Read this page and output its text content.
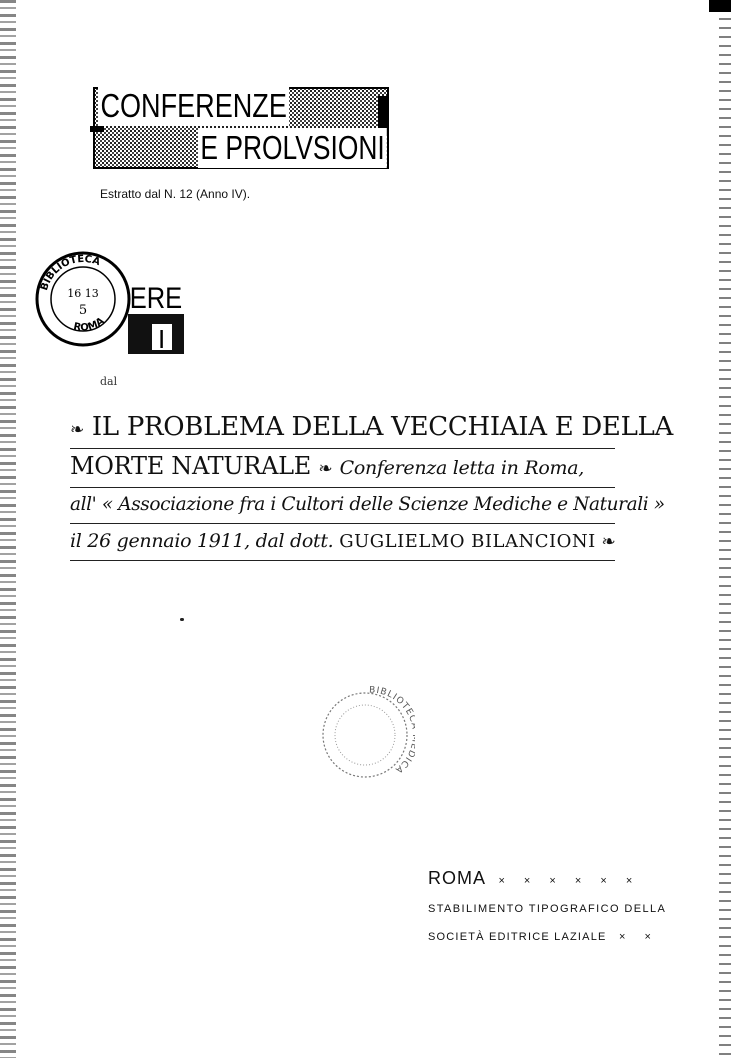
CONFERENZE
E PROLVSIONI
Estratto dal N. 12 (Anno IV).
BIBLIOTECA
ROMA
16 13
5 ERE
I
dal
❧ IL PROBLEMA DELLA VECCHIAIA E DELLA
MORTE NATURALE ❧ Conferenza letta in Roma,
all' « Associazione fra i Cultori delle Scienze Mediche e Naturali »
il 26 gennaio 1911, dal dott. GUGLIELMO BILANCIONI ❧
BIBLIOTE ICA
ROMA × × × × × ×
STABILIMENTO TIPOGRAFICO DELLA
SOCIETÀ EDITRICE LAZIALE × ×
